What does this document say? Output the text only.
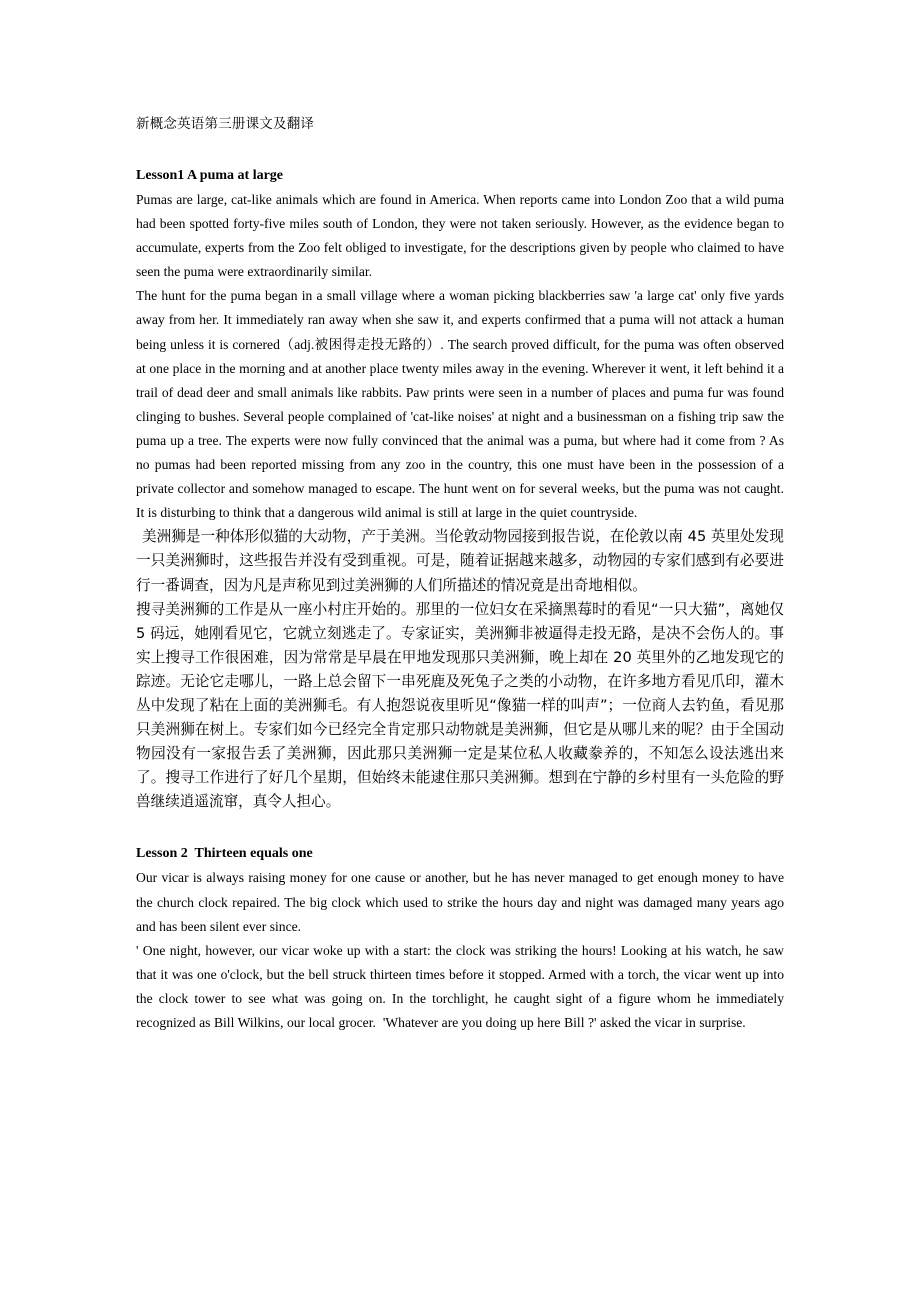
新概念英语第三册课文及翻译

Lesson1 A puma at large

Pumas are large, cat-like animals which are found in America. When reports came into London Zoo that a wild puma had been spotted forty-five miles south of London, they were not taken seriously. However, as the evidence began to accumulate, experts from the Zoo felt obliged to investigate, for the descriptions given by people who claimed to have seen the puma were extraordinarily similar.

The hunt for the puma began in a small village where a woman picking blackberries saw 'a large cat' only five yards away from her. It immediately ran away when she saw it, and experts confirmed that a puma will not attack a human being unless it is cornered（adj.被困得走投无路的）. The search proved difficult, for the puma was often observed at one place in the morning and at another place twenty miles away in the evening. Wherever it went, it left behind it a trail of dead deer and small animals like rabbits. Paw prints were seen in a number of places and puma fur was found clinging to bushes. Several people complained of 'cat-like noises' at night and a businessman on a fishing trip saw the puma up a tree. The experts were now fully convinced that the animal was a puma, but where had it come from ? As no pumas had been reported missing from any zoo in the country, this one must have been in the possession of a private collector and somehow managed to escape. The hunt went on for several weeks, but the puma was not caught. It is disturbing to think that a dangerous wild animal is still at large in the quiet countryside.

美洲狮是一种体形似猫的大动物，产于美洲。当伦敦动物园接到报告说，在伦敦以南 45 英里处发现一只美洲狮时，这些报告并没有受到重视。可是，随着证据越来越多，动物园的专家们感到有必要进行一番调查，因为凡是声称见到过美洲狮的人们所描述的情况竟是出奇地相似。

搜寻美洲狮的工作是从一座小村庄开始的。那里的一位妇女在采摘黑莓时的看见“一只大猫”，离她仅 5 码远，她刚看见它，它就立刻逃走了。专家证实，美洲狮非被逼得走投无路，是决不会伤人的。事实上搜寻工作很困难，因为常常是早晨在甲地发现那只美洲狮，晚上却在 20 英里外的乙地发现它的踪迹。无论它走哪儿，一路上总会留下一串死鹿及死兔子之类的小动物，在许多地方看见爪印，灌木丛中发现了粘在上面的美洲狮毛。有人抱怨说夜里听见“像猫一样的叫声”；一位商人去钓鱼，看见那只美洲狮在树上。专家们如今已经完全肯定那只动物就是美洲狮，但它是从哪儿来的呢？由于全国动物园没有一家报告丢了美洲狮，因此那只美洲狮一定是某位私人收藏豢养的，不知怎么设法逃出来了。搜寻工作进行了好几个星期，但始终未能逮住那只美洲狮。想到在宁静的乡村里有一头危险的野兽继续逍遥流窜，真令人担心。

Lesson 2  Thirteen equals one

Our vicar is always raising money for one cause or another, but he has never managed to get enough money to have the church clock repaired. The big clock which used to strike the hours day and night was damaged many years ago and has been silent ever since.

' One night, however, our vicar woke up with a start: the clock was striking the hours! Looking at his watch, he saw that it was one o'clock, but the bell struck thirteen times before it stopped. Armed with a torch, the vicar went up into the clock tower to see what was going on. In the torchlight, he caught sight of a figure whom he immediately recognized as Bill Wilkins, our local grocer.  'Whatever are you doing up here Bill ?' asked the vicar in surprise.
